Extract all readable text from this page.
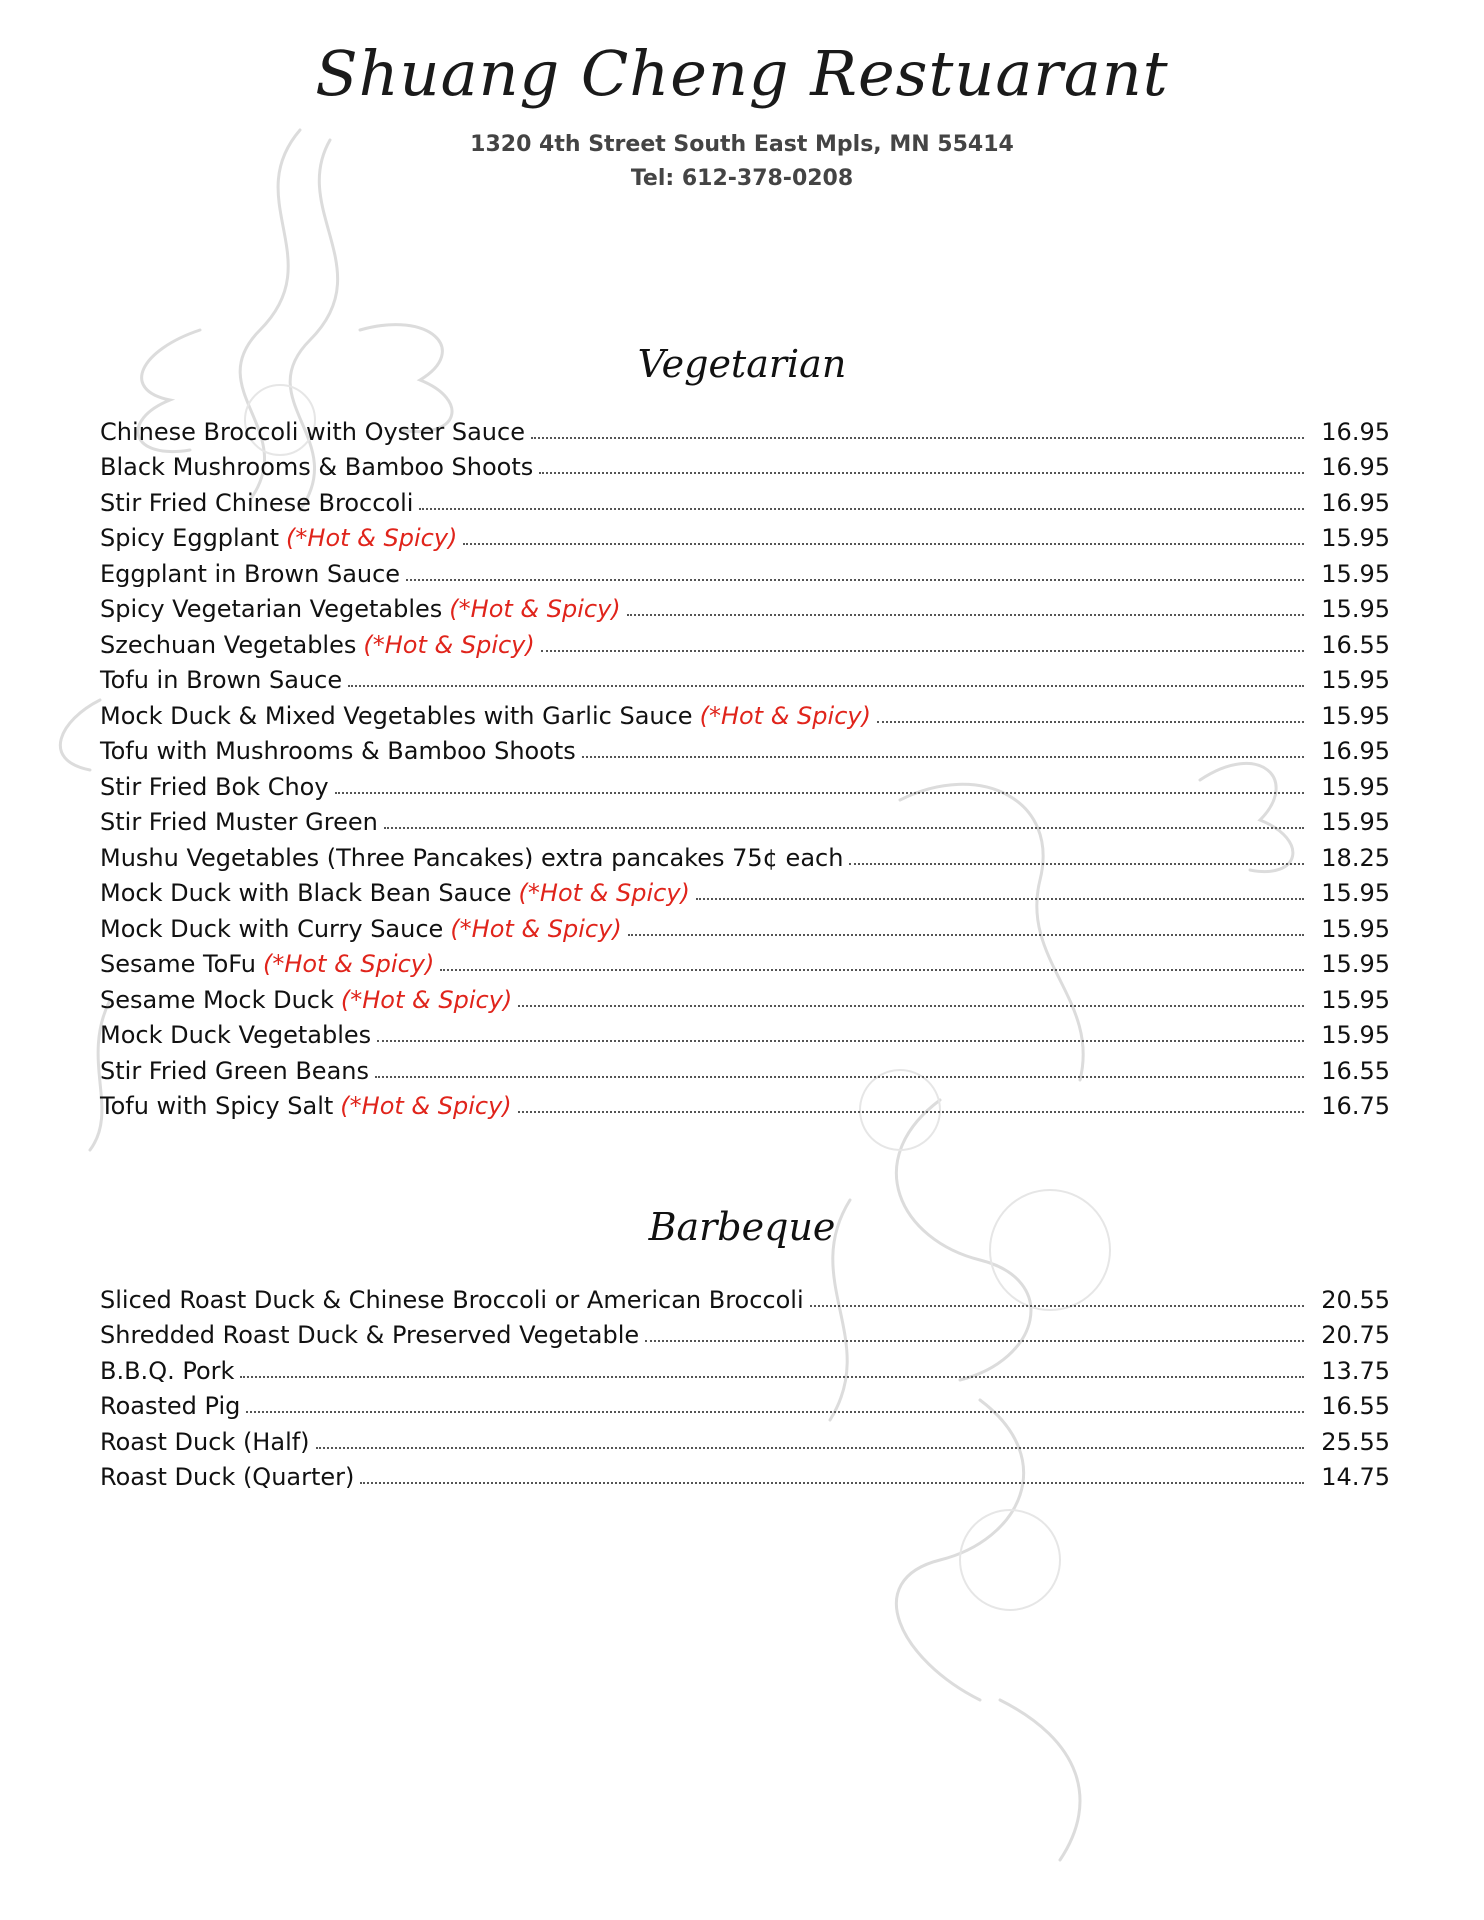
Shuang Cheng Restuarant
1320 4th Street South East Mpls, MN 55414
Tel: 612-378-0208
Vegetarian
Chinese Broccoli with Oyster Sauce	16.95
Black Mushrooms & Bamboo Shoots	16.95
Stir Fried Chinese Broccoli	16.95
Spicy Eggplant (*Hot & Spicy)	15.95
Eggplant in Brown Sauce	15.95
Spicy Vegetarian Vegetables (*Hot & Spicy)	15.95
Szechuan Vegetables (*Hot & Spicy)	16.55
Tofu in Brown Sauce	15.95
Mock Duck & Mixed Vegetables with Garlic Sauce (*Hot & Spicy)	15.95
Tofu with Mushrooms & Bamboo Shoots	16.95
Stir Fried Bok Choy	15.95
Stir Fried Muster Green	15.95
Mushu Vegetables (Three Pancakes) extra pancakes 75¢ each	18.25
Mock Duck with Black Bean Sauce (*Hot & Spicy)	15.95
Mock Duck with Curry Sauce (*Hot & Spicy)	15.95
Sesame ToFu (*Hot & Spicy)	15.95
Sesame Mock Duck (*Hot & Spicy)	15.95
Mock Duck Vegetables	15.95
Stir Fried Green Beans	16.55
Tofu with Spicy Salt (*Hot & Spicy)	16.75
Barbeque
Sliced Roast Duck & Chinese Broccoli or American Broccoli	20.55
Shredded Roast Duck & Preserved Vegetable	20.75
B.B.Q. Pork	13.75
Roasted Pig	16.55
Roast Duck (Half)	25.55
Roast Duck (Quarter)	14.75
